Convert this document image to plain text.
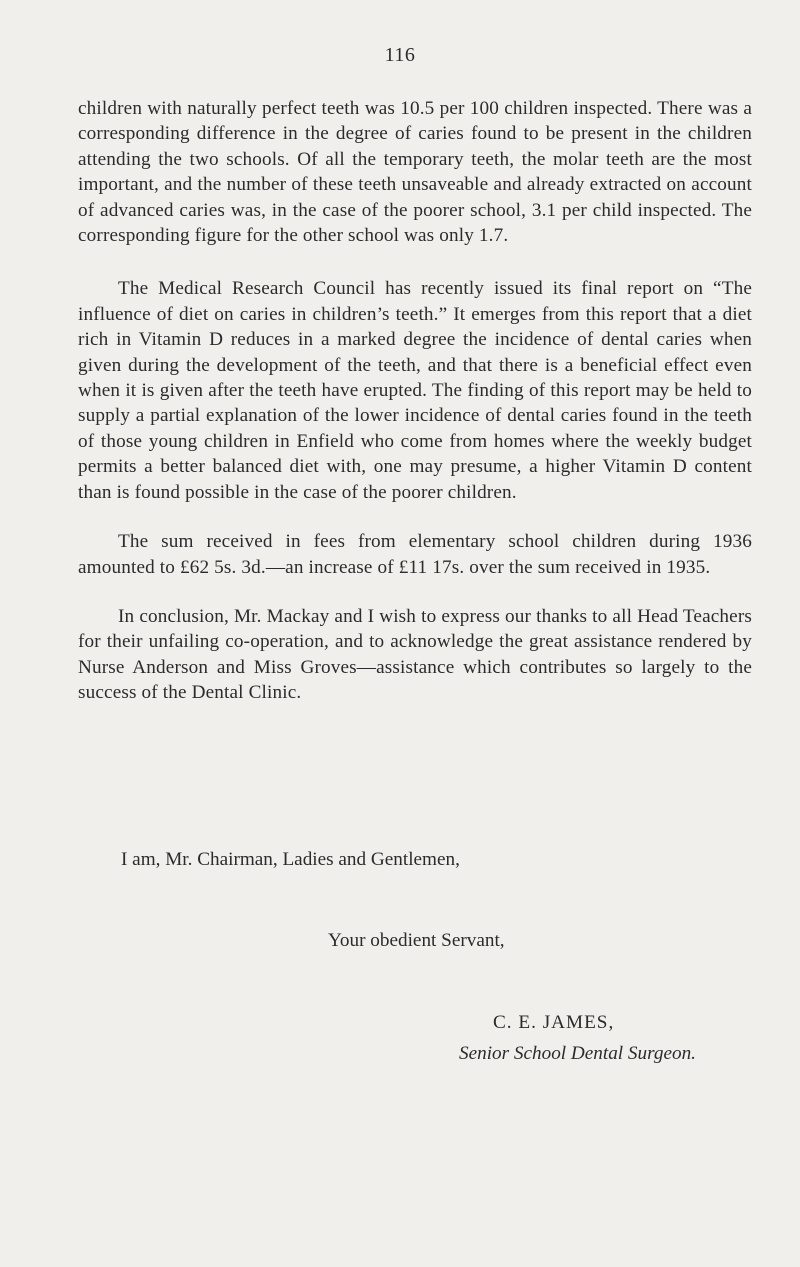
116

children with naturally perfect teeth was 10.5 per 100 children inspected. There was a corresponding difference in the degree of caries found to be present in the children attending the two schools. Of all the temporary teeth, the molar teeth are the most important, and the number of these teeth unsaveable and already extracted on account of advanced caries was, in the case of the poorer school, 3.1 per child inspected. The corresponding figure for the other school was only 1.7.

The Medical Research Council has recently issued its final report on “The influence of diet on caries in children’s teeth.” It emerges from this report that a diet rich in Vitamin D reduces in a marked degree the incidence of dental caries when given during the development of the teeth, and that there is a beneficial effect even when it is given after the teeth have erupted. The finding of this report may be held to supply a partial explanation of the lower incidence of dental caries found in the teeth of those young children in Enfield who come from homes where the weekly budget permits a better balanced diet with, one may presume, a higher Vitamin D content than is found possible in the case of the poorer children.

The sum received in fees from elementary school children during 1936 amounted to £62 5s. 3d.—an increase of £11 17s. over the sum received in 1935.

In conclusion, Mr. Mackay and I wish to express our thanks to all Head Teachers for their unfailing co-operation, and to acknowledge the great assistance rendered by Nurse Anderson and Miss Groves—assistance which contributes so largely to the success of the Dental Clinic.

I am, Mr. Chairman, Ladies and Gentlemen,
Your obedient Servant,
C. E. JAMES,
Senior School Dental Surgeon.
